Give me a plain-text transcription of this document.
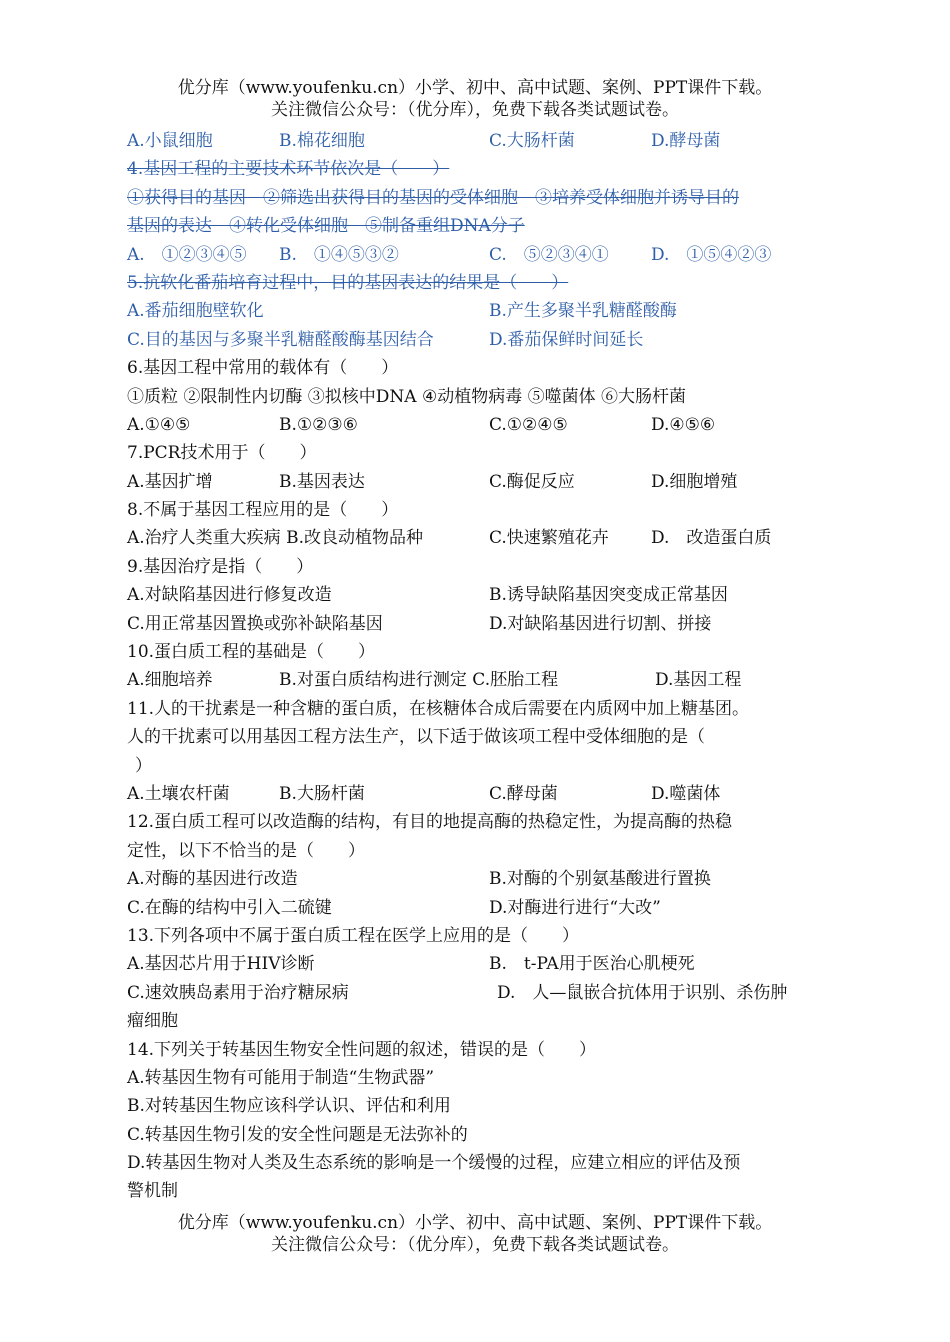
优分库（www.youfenku.cn）小学、初中、高中试题、案例、PPT课件下载。
关注微信公众号：（优分库），免费下载各类试题试卷。
A.小鼠细胞	B.棉花细胞	C.大肠杆菌	D.酵母菌
4.基因工程的主要技术环节依次是（　　）
①获得目的基因　②筛选出获得目的基因的受体细胞　③培养受体细胞并诱导目的
基因的表达　④转化受体细胞　⑤制备重组DNA分子
A.　①②③④⑤ B.　①④⑤③②	C.　⑤②③④① D.　①⑤④②③
5.抗软化番茄培育过程中，目的基因表达的结果是（　　）
A.番茄细胞壁软化	B.产生多聚半乳糖醛酸酶
C.目的基因与多聚半乳糖醛酸酶基因结合	D.番茄保鲜时间延长
6.基因工程中常用的载体有（　　）
①质粒 ②限制性内切酶 ③拟核中DNA ④动植物病毒 ⑤噬菌体 ⑥大肠杆菌
A.①④⑤	B.①②③⑥	C.①②④⑤	D.④⑤⑥
7.PCR技术用于（　　）
A.基因扩增	B.基因表达	C.酶促反应	D.细胞增殖
8.不属于基因工程应用的是（　　）
A.治疗人类重大疾病 B.改良动植物品种	C.快速繁殖花卉 D.　改造蛋白质
9.基因治疗是指（　　）
A.对缺陷基因进行修复改造	B.诱导缺陷基因突变成正常基因
C.用正常基因置换或弥补缺陷基因	D.对缺陷基因进行切割、拼接
10.蛋白质工程的基础是（　　）
A.细胞培养	B.对蛋白质结构进行测定 C.胚胎工程	D.基因工程
11.人的干扰素是一种含糖的蛋白质，在核糖体合成后需要在内质网中加上糖基团。
人的干扰素可以用基因工程方法生产，以下适于做该项工程中受体细胞的是（
）
A.土壤农杆菌	B.大肠杆菌	C.酵母菌	D.噬菌体
12.蛋白质工程可以改造酶的结构，有目的地提高酶的热稳定性，为提高酶的热稳
定性，以下不恰当的是（　　）
A.对酶的基因进行改造	B.对酶的个别氨基酸进行置换
C.在酶的结构中引入二硫键	D.对酶进行进行“大改”
13.下列各项中不属于蛋白质工程在医学上应用的是（　　）
A.基因芯片用于HIV诊断	B.　t-PA用于医治心肌梗死
C.速效胰岛素用于治疗糖尿病	D.　人—鼠嵌合抗体用于识别、杀伤肿
瘤细胞
14.下列关于转基因生物安全性问题的叙述，错误的是（　　）
A.转基因生物有可能用于制造“生物武器”
B.对转基因生物应该科学认识、评估和利用
C.转基因生物引发的安全性问题是无法弥补的
D.转基因生物对人类及生态系统的影响是一个缓慢的过程，应建立相应的评估及预
警机制
优分库（www.youfenku.cn）小学、初中、高中试题、案例、PPT课件下载。
关注微信公众号：（优分库），免费下载各类试题试卷。
